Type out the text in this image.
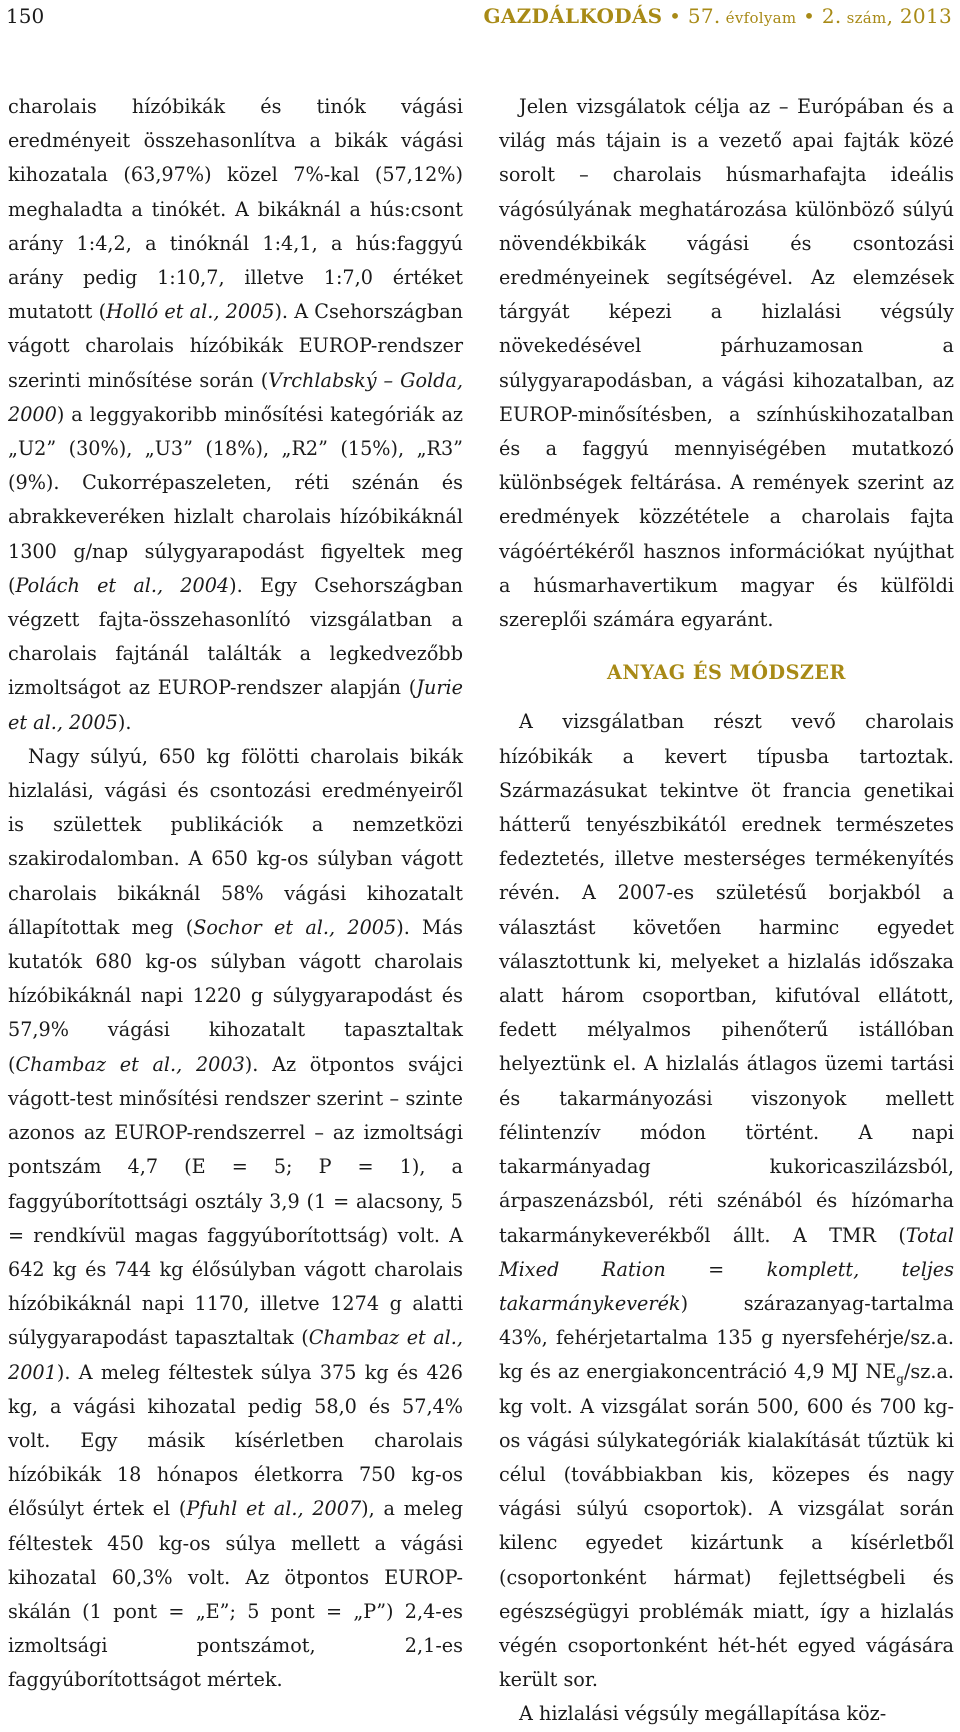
150	GAZDÁLKODÁS • 57. évfolyam • 2. szám, 2013

charolais hízóbikák és tinók vágási eredményeit összehasonlítva a bikák vágási kihozatala (63,97%) közel 7%-kal (57,12%) meghaladta a tinókét. A bikáknál a hús:csont arány 1:4,2, a tinóknál 1:4,1, a hús:faggyú arány pedig 1:10,7, illetve 1:7,0 értéket mutatott (Holló et al., 2005). A Csehországban vágott charolais hízóbikák EUROP-rendszer szerinti minősítése során (Vrchlabský – Golda, 2000) a leggyakoribb minősítési kategóriák az „U2” (30%), „U3” (18%), „R2” (15%), „R3” (9%). Cukorrépaszeleten, réti szénán és abrakkeveréken hizlalt charolais hízóbikáknál 1300 g/nap súlygyarapodást figyeltek meg (Polách et al., 2004). Egy Csehországban végzett fajta-összehasonlító vizsgálatban a charolais fajtánál találták a legkedvezőbb izmoltságot az EUROP-rendszer alapján (Jurie et al., 2005).

Nagy súlyú, 650 kg fölötti charolais bikák hizlalási, vágási és csontozási eredményeiről is születtek publikációk a nemzetközi szakirodalomban. A 650 kg-os súlyban vágott charolais bikáknál 58% vágási kihozatalt állapítottak meg (Sochor et al., 2005). Más kutatók 680 kg-os súlyban vágott charolais hízóbikáknál napi 1220 g súlygyarapodást és 57,9% vágási kihozatalt tapasztaltak (Chambaz et al., 2003). Az ötpontos svájci vágott-test minősítési rendszer szerint – szinte azonos az EUROP-rendszerrel – az izmoltsági pontszám 4,7 (E = 5; P = 1), a faggyúborítottsági osztály 3,9 (1 = alacsony, 5 = rendkívül magas faggyúborítottság) volt. A 642 kg és 744 kg élősúlyban vágott charolais hízóbikáknál napi 1170, illetve 1274 g alatti súlygyarapodást tapasztaltak (Chambaz et al., 2001). A meleg féltestek súlya 375 kg és 426 kg, a vágási kihozatal pedig 58,0 és 57,4% volt. Egy másik kísérletben charolais hízóbikák 18 hónapos életkorra 750 kg-os élősúlyt értek el (Pfuhl et al., 2007), a meleg féltestek 450 kg-os súlya mellett a vágási kihozatal 60,3% volt. Az ötpontos EUROP-skálán (1 pont = „E”; 5 pont = „P”) 2,4-es izmoltsági pontszámot, 2,1-es faggyúborítottságot mértek.

Jelen vizsgálatok célja az – Európában és a világ más tájain is a vezető apai fajták közé sorolt – charolais húsmarhafajta ideális vágósúlyának meghatározása különböző súlyú növendékbikák vágási és csontozási eredményeinek segítségével. Az elemzések tárgyát képezi a hizlalási végsúly növekedésével párhuzamosan a súlygyarapodásban, a vágási kihozatalban, az EUROP-minősítésben, a színhúskihozatalban és a faggyú mennyiségében mutatkozó különbségek feltárása. A remények szerint az eredmények közzététele a charolais fajta vágóértékéről hasznos információkat nyújthat a húsmarhavertikum magyar és külföldi szereplői számára egyaránt.

ANYAG ÉS MÓDSZER

A vizsgálatban részt vevő charolais hízóbikák a kevert típusba tartoztak. Származásukat tekintve öt francia genetikai hátterű tenyészbikától erednek természetes fedeztetés, illetve mesterséges termékenyítés révén. A 2007-es születésű borjakból a választást követően harminc egyedet választottunk ki, melyeket a hizlalás időszaka alatt három csoportban, kifutóval ellátott, fedett mélyalmos pihenőterű istállóban helyeztünk el. A hizlalás átlagos üzemi tartási és takarmányozási viszonyok mellett félintenzív módon történt. A napi takarmányadag kukoricaszilázsból, árpaszenázsból, réti szénából és hízómarha takarmánykeverékből állt. A TMR (Total Mixed Ration = komplett, teljes takarmánykeverék) szárazanyag-tartalma 43%, fehérjetartalma 135 g nyersfehérje/sz.a. kg és az energiakoncentráció 4,9 MJ $NE_g/sz.a$. kg volt. A vizsgálat során 500, 600 és 700 kg-os vágási súlykategóriák kialakítását tűztük ki célul (továbbiakban kis, közepes és nagy vágási súlyú csoportok). A vizsgálat során kilenc egyedet kizártunk a kísérletből (csoportonként hármat) fejlettségbeli és egészségügyi problémák miatt, így a hizlalás végén csoportonként hét-hét egyed vágására került sor.

A hizlalási végsúly megállapítása köz-
